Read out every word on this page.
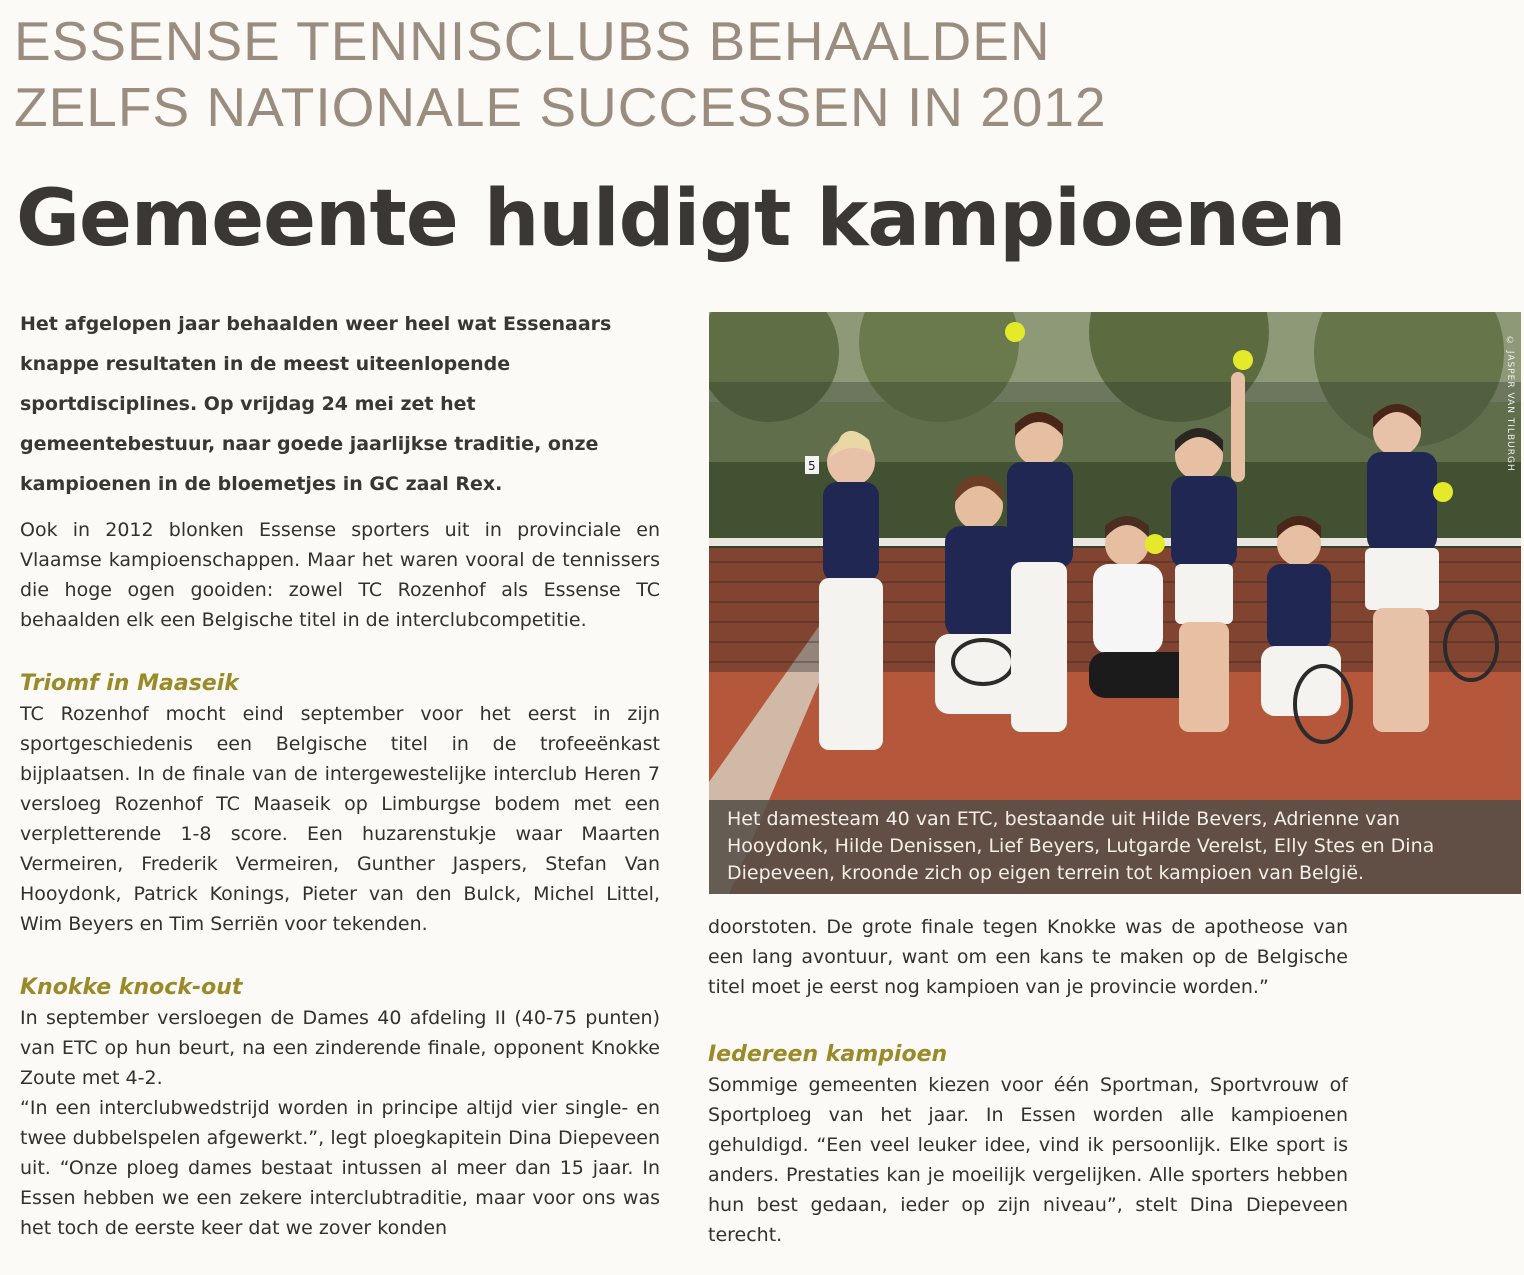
ESSENSE TENNISCLUBS BEHAALDEN
ZELFS NATIONALE SUCCESSEN IN 2012
Gemeente huldigt kampioenen
Het afgelopen jaar behaalden weer heel wat Essenaars knappe resultaten in de meest uiteenlopende sportdisciplines. Op vrijdag 24 mei zet het gemeentebestuur, naar goede jaarlijkse traditie, onze kampioenen in de bloemetjes in GC zaal Rex.

Ook in 2012 blonken Essense sporters uit in provinciale en Vlaamse kampioenschappen. Maar het waren vooral de tennissers die hoge ogen gooiden: zowel TC Rozenhof als Essense TC behaalden elk een Belgische titel in de interclubcompetitie.

Triomf in Maaseik

TC Rozenhof mocht eind september voor het eerst in zijn sportgeschiedenis een Belgische titel in de trofeeënkast bijplaatsen. In de finale van de intergewestelijke interclub Heren 7 versloeg Rozenhof TC Maaseik op Limburgse bodem met een verpletterende 1-8 score. Een huzarenstukje waar Maarten Vermeiren, Frederik Vermeiren, Gunther Jaspers, Stefan Van Hooydonk, Patrick Konings, Pieter van den Bulck, Michel Littel, Wim Beyers en Tim Serriën voor tekenden.

Knokke knock-out

In september versloegen de Dames 40 afdeling II (40-75 punten) van ETC op hun beurt, na een zinderende finale, opponent Knokke Zoute met 4-2.

“In een interclubwedstrijd worden in principe altijd vier single- en twee dubbelspelen afgewerkt.”, legt ploegkapitein Dina Diepeveen uit. “Onze ploeg dames bestaat intussen al meer dan 15 jaar. In Essen hebben we een zekere interclubtraditie, maar voor ons was het toch de eerste keer dat we zover konden

5	© JASPER VAN TILBURGH
Het damesteam 40 van ETC, bestaande uit Hilde Bevers, Adrienne van Hooydonk, Hilde Denissen, Lief Beyers, Lutgarde Verelst, Elly Stes en Dina Diepeveen, kroonde zich op eigen terrein tot kampioen van België.

doorstoten. De grote finale tegen Knokke was de apotheose van een lang avontuur, want om een kans te maken op de Belgische titel moet je eerst nog kampioen van je provincie worden.”

Iedereen kampioen

Sommige gemeenten kiezen voor één Sportman, Sportvrouw of Sportploeg van het jaar. In Essen worden alle kampioenen gehuldigd. “Een veel leuker idee, vind ik persoonlijk. Elke sport is anders. Prestaties kan je moeilijk vergelijken. Alle sporters hebben hun best gedaan, ieder op zijn niveau”, stelt Dina Diepeveen terecht.
